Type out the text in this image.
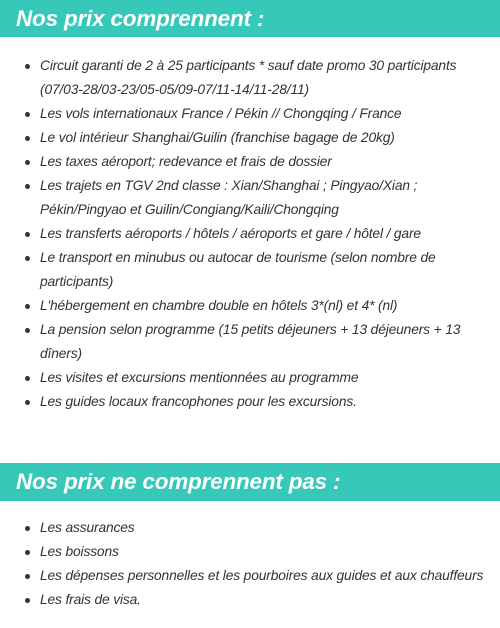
Nos prix comprennent :
Circuit garanti de 2 à 25 participants * sauf date promo 30 participants
(07/03-28/03-23/05-05/09-07/11-14/11-28/11)
Les vols internationaux France / Pékin // Chongqing / France
Le vol intérieur Shanghai/Guilin (franchise bagage de 20kg)
Les taxes aéroport; redevance et frais de dossier
Les trajets en TGV 2nd classe : Xian/Shanghai ; Pingyao/Xian ;
Pékin/Pingyao et Guilin/Congiang/Kaili/Chongqing
Les transferts aéroports / hôtels / aéroports et gare / hôtel / gare
Le transport en minubus ou autocar de tourisme (selon nombre de
participants)
L'hébergement en chambre double en hôtels 3*(nl) et 4* (nl)
La pension selon programme (15 petits déjeuners + 13 déjeuners + 13
dîners)
Les visites et excursions mentionnées au programme
Les guides locaux francophones pour les excursions.
Nos prix ne comprennent pas :
Les assurances
Les boissons
Les dépenses personnelles et les pourboires aux guides et aux chauffeurs
Les frais de visa.
